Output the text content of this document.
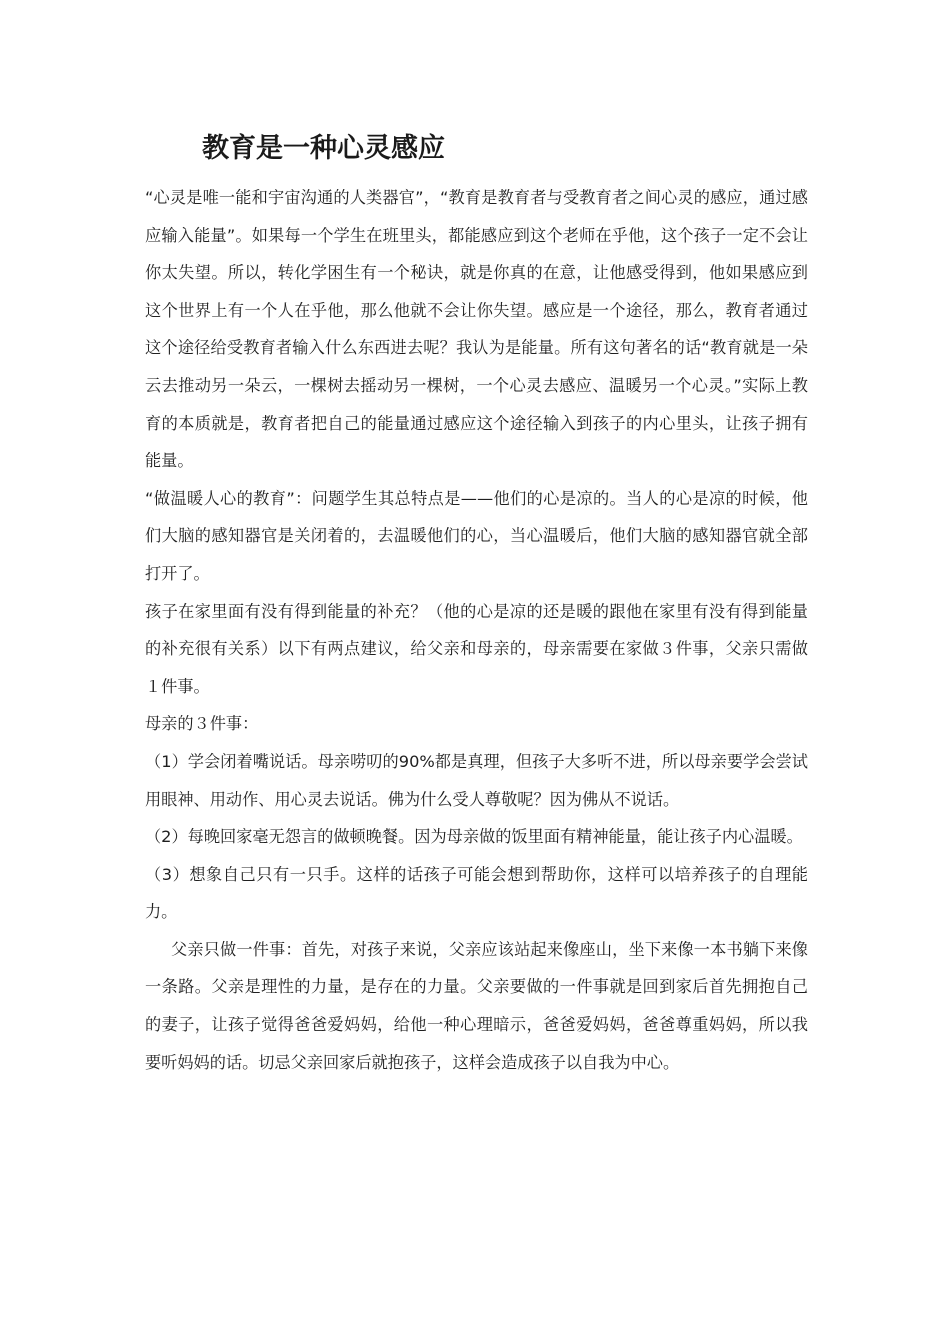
教育是一种心灵感应

“心灵是唯一能和宇宙沟通的人类器官”，“教育是教育者与受教育者之间心灵的感应，通过感应输入能量”。如果每一个学生在班里头，都能感应到这个老师在乎他，这个孩子一定不会让你太失望。所以，转化学困生有一个秘诀，就是你真的在意，让他感受得到，他如果感应到这个世界上有一个人在乎他，那么他就不会让你失望。感应是一个途径，那么，教育者通过这个途径给受教育者输入什么东西进去呢？我认为是能量。所有这句著名的话“教育就是一朵云去推动另一朵云，一棵树去摇动另一棵树，一个心灵去感应、温暖另一个心灵。”实际上教育的本质就是，教育者把自己的能量通过感应这个途径输入到孩子的内心里头，让孩子拥有能量。

“做温暖人心的教育”：问题学生其总特点是——他们的心是凉的。当人的心是凉的时候，他们大脑的感知器官是关闭着的，去温暖他们的心，当心温暖后，他们大脑的感知器官就全部打开了。

孩子在家里面有没有得到能量的补充？（他的心是凉的还是暖的跟他在家里有没有得到能量的补充很有关系）以下有两点建议，给父亲和母亲的，母亲需要在家做３件事，父亲只需做１件事。

母亲的３件事：

（1）学会闭着嘴说话。母亲唠叨的90%都是真理，但孩子大多听不进，所以母亲要学会尝试用眼神、用动作、用心灵去说话。佛为什么受人尊敬呢？因为佛从不说话。

（2）每晚回家毫无怨言的做顿晚餐。因为母亲做的饭里面有精神能量，能让孩子内心温暖。

（3）想象自己只有一只手。这样的话孩子可能会想到帮助你，这样可以培养孩子的自理能力。

父亲只做一件事：首先，对孩子来说，父亲应该站起来像座山，坐下来像一本书躺下来像一条路。父亲是理性的力量，是存在的力量。父亲要做的一件事就是回到家后首先拥抱自己的妻子，让孩子觉得爸爸爱妈妈，给他一种心理暗示，爸爸爱妈妈，爸爸尊重妈妈，所以我要听妈妈的话。切忌父亲回家后就抱孩子，这样会造成孩子以自我为中心。
